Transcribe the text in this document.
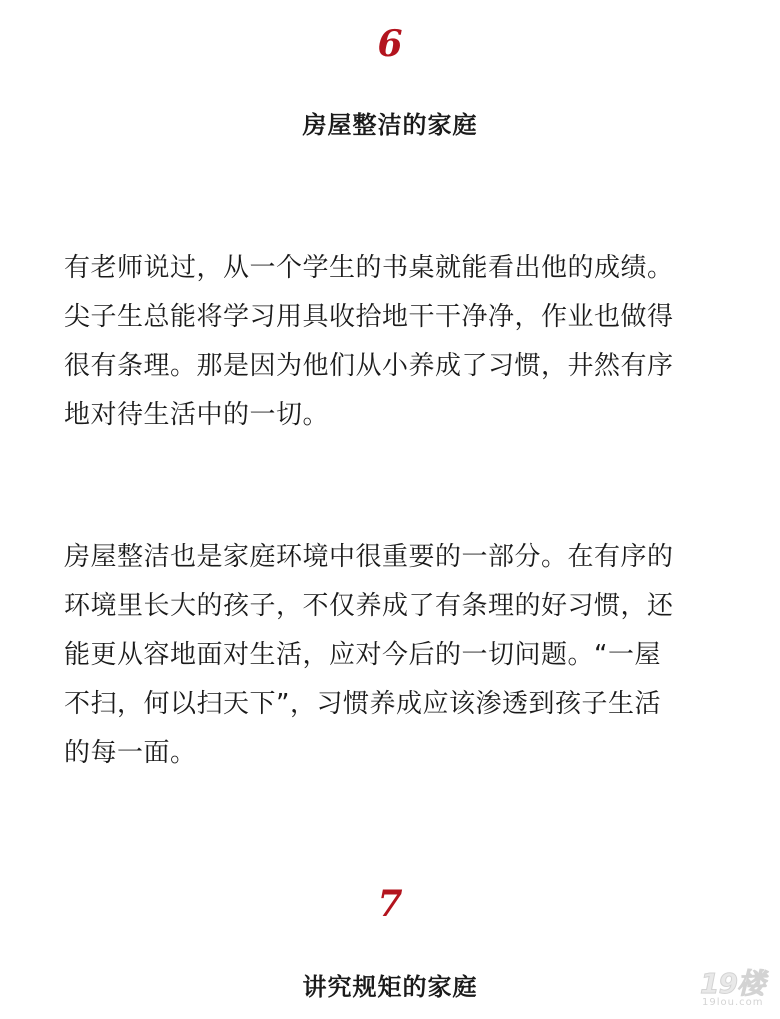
6
房屋整洁的家庭

有老师说过，从一个学生的书桌就能看出他的成绩。
尖子生总能将学习用具收拾地干干净净，作业也做得
很有条理。那是因为他们从小养成了习惯，井然有序
地对待生活中的一切。

房屋整洁也是家庭环境中很重要的一部分。在有序的
环境里长大的孩子，不仅养成了有条理的好习惯，还
能更从容地面对生活，应对今后的一切问题。“一屋
不扫，何以扫天下”，习惯养成应该渗透到孩子生活
的每一面。

7
讲究规矩的家庭	19楼
19lou.com
